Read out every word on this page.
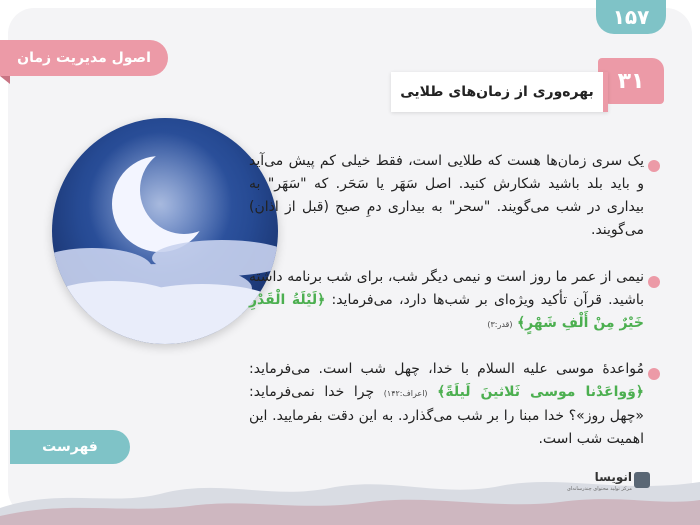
۱۵۷
اصول مدیریت زمان
۳۱
بهره‌وری از زمان‌های طلایی
یک سری زمان‌ها هست که طلایی است، فقط خیلی کم پیش می‌آید و باید بلد باشید شکارش کنید. اصل سَهَر یا سَحَر. که "سَهَر" به بیداری در شب می‌گویند. "سحر" به بیداری دمِ صبح (قبل از اذان) می‌گویند.
نیمی از عمر ما روز است و نیمی دیگر شب، برای شب برنامه داشته باشید. قرآن تأکید ویژه‌ای بر شب‌ها دارد، می‌فرماید: ﴿لَيْلَةُ الْقَدْرِ خَيْرٌ مِنْ أَلْفِ شَهْرٍ﴾ (قدر:۳)
مُواعدهٔ موسی علیه السلام با خدا، چهل شب است. می‌فرماید: ﴿وَواعَدْنا موسى ثَلاثينَ لَيلَةً﴾ (اعراف:۱۴۲) چرا خدا نمی‌فرماید: «چهل روز»؟ خدا مبنا را بر شب می‌گذارد. به این دقت بفرمایید. این اهمیت شب است.
فهرست
انویسا
مرکز تولید محتوای چندرسانه‌ای
